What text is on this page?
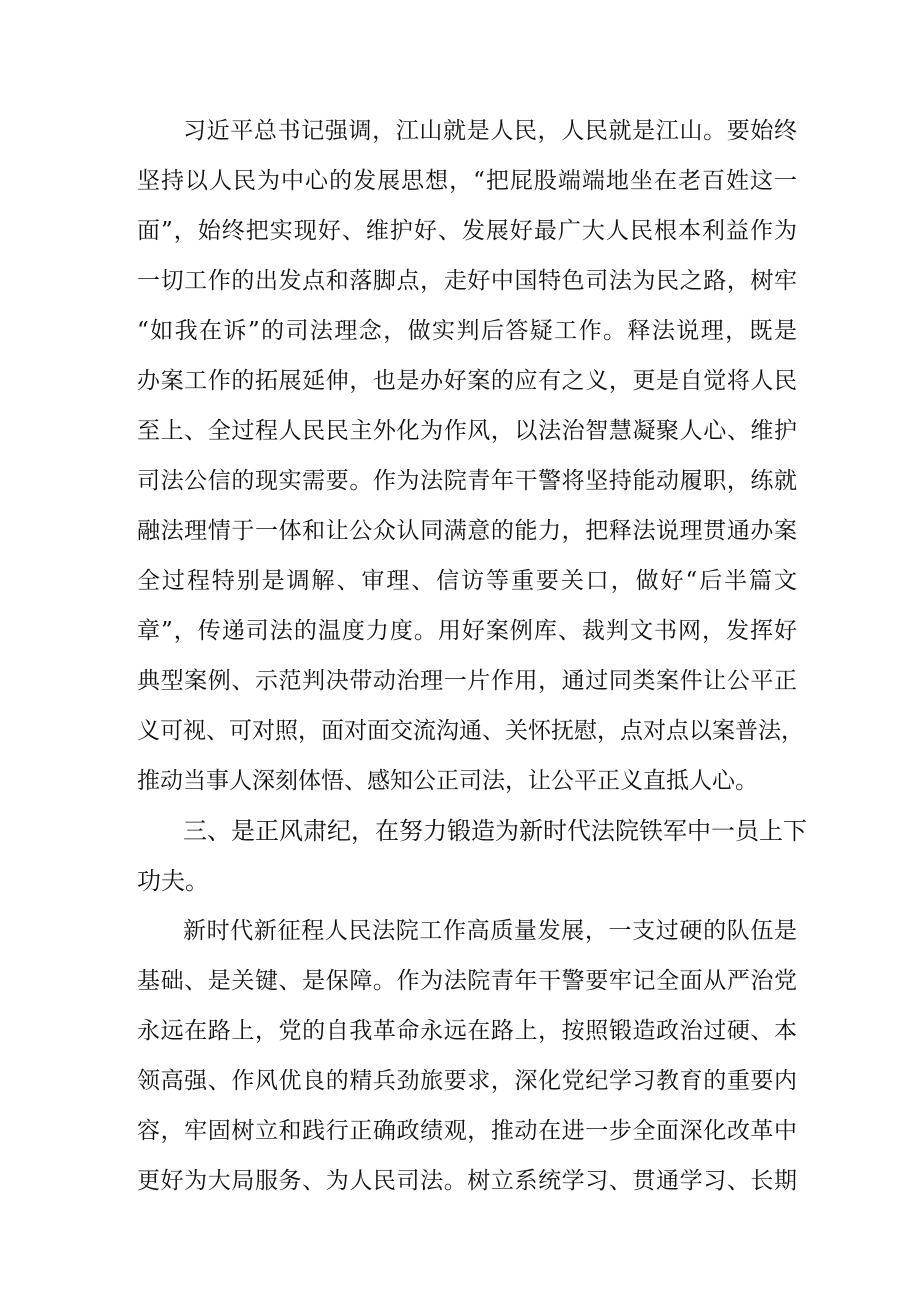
习近平总书记强调，江山就是人民，人民就是江山。要始终
坚持以人民为中心的发展思想，“把屁股端端地坐在老百姓这一
面”，始终把实现好、维护好、发展好最广大人民根本利益作为
一切工作的出发点和落脚点，走好中国特色司法为民之路，树牢
“如我在诉”的司法理念，做实判后答疑工作。释法说理，既是
办案工作的拓展延伸，也是办好案的应有之义，更是自觉将人民
至上、全过程人民民主外化为作风，以法治智慧凝聚人心、维护
司法公信的现实需要。作为法院青年干警将坚持能动履职，练就
融法理情于一体和让公众认同满意的能力，把释法说理贯通办案
全过程特别是调解、审理、信访等重要关口，做好“后半篇文
章”，传递司法的温度力度。用好案例库、裁判文书网，发挥好
典型案例、示范判决带动治理一片作用，通过同类案件让公平正
义可视、可对照，面对面交流沟通、关怀抚慰，点对点以案普法，
推动当事人深刻体悟、感知公正司法，让公平正义直抵人心。
三、是正风肃纪，在努力锻造为新时代法院铁军中一员上下
功夫。
新时代新征程人民法院工作高质量发展，一支过硬的队伍是
基础、是关键、是保障。作为法院青年干警要牢记全面从严治党
永远在路上，党的自我革命永远在路上，按照锻造政治过硬、本
领高强、作风优良的精兵劲旅要求，深化党纪学习教育的重要内
容，牢固树立和践行正确政绩观，推动在进一步全面深化改革中
更好为大局服务、为人民司法。树立系统学习、贯通学习、长期
